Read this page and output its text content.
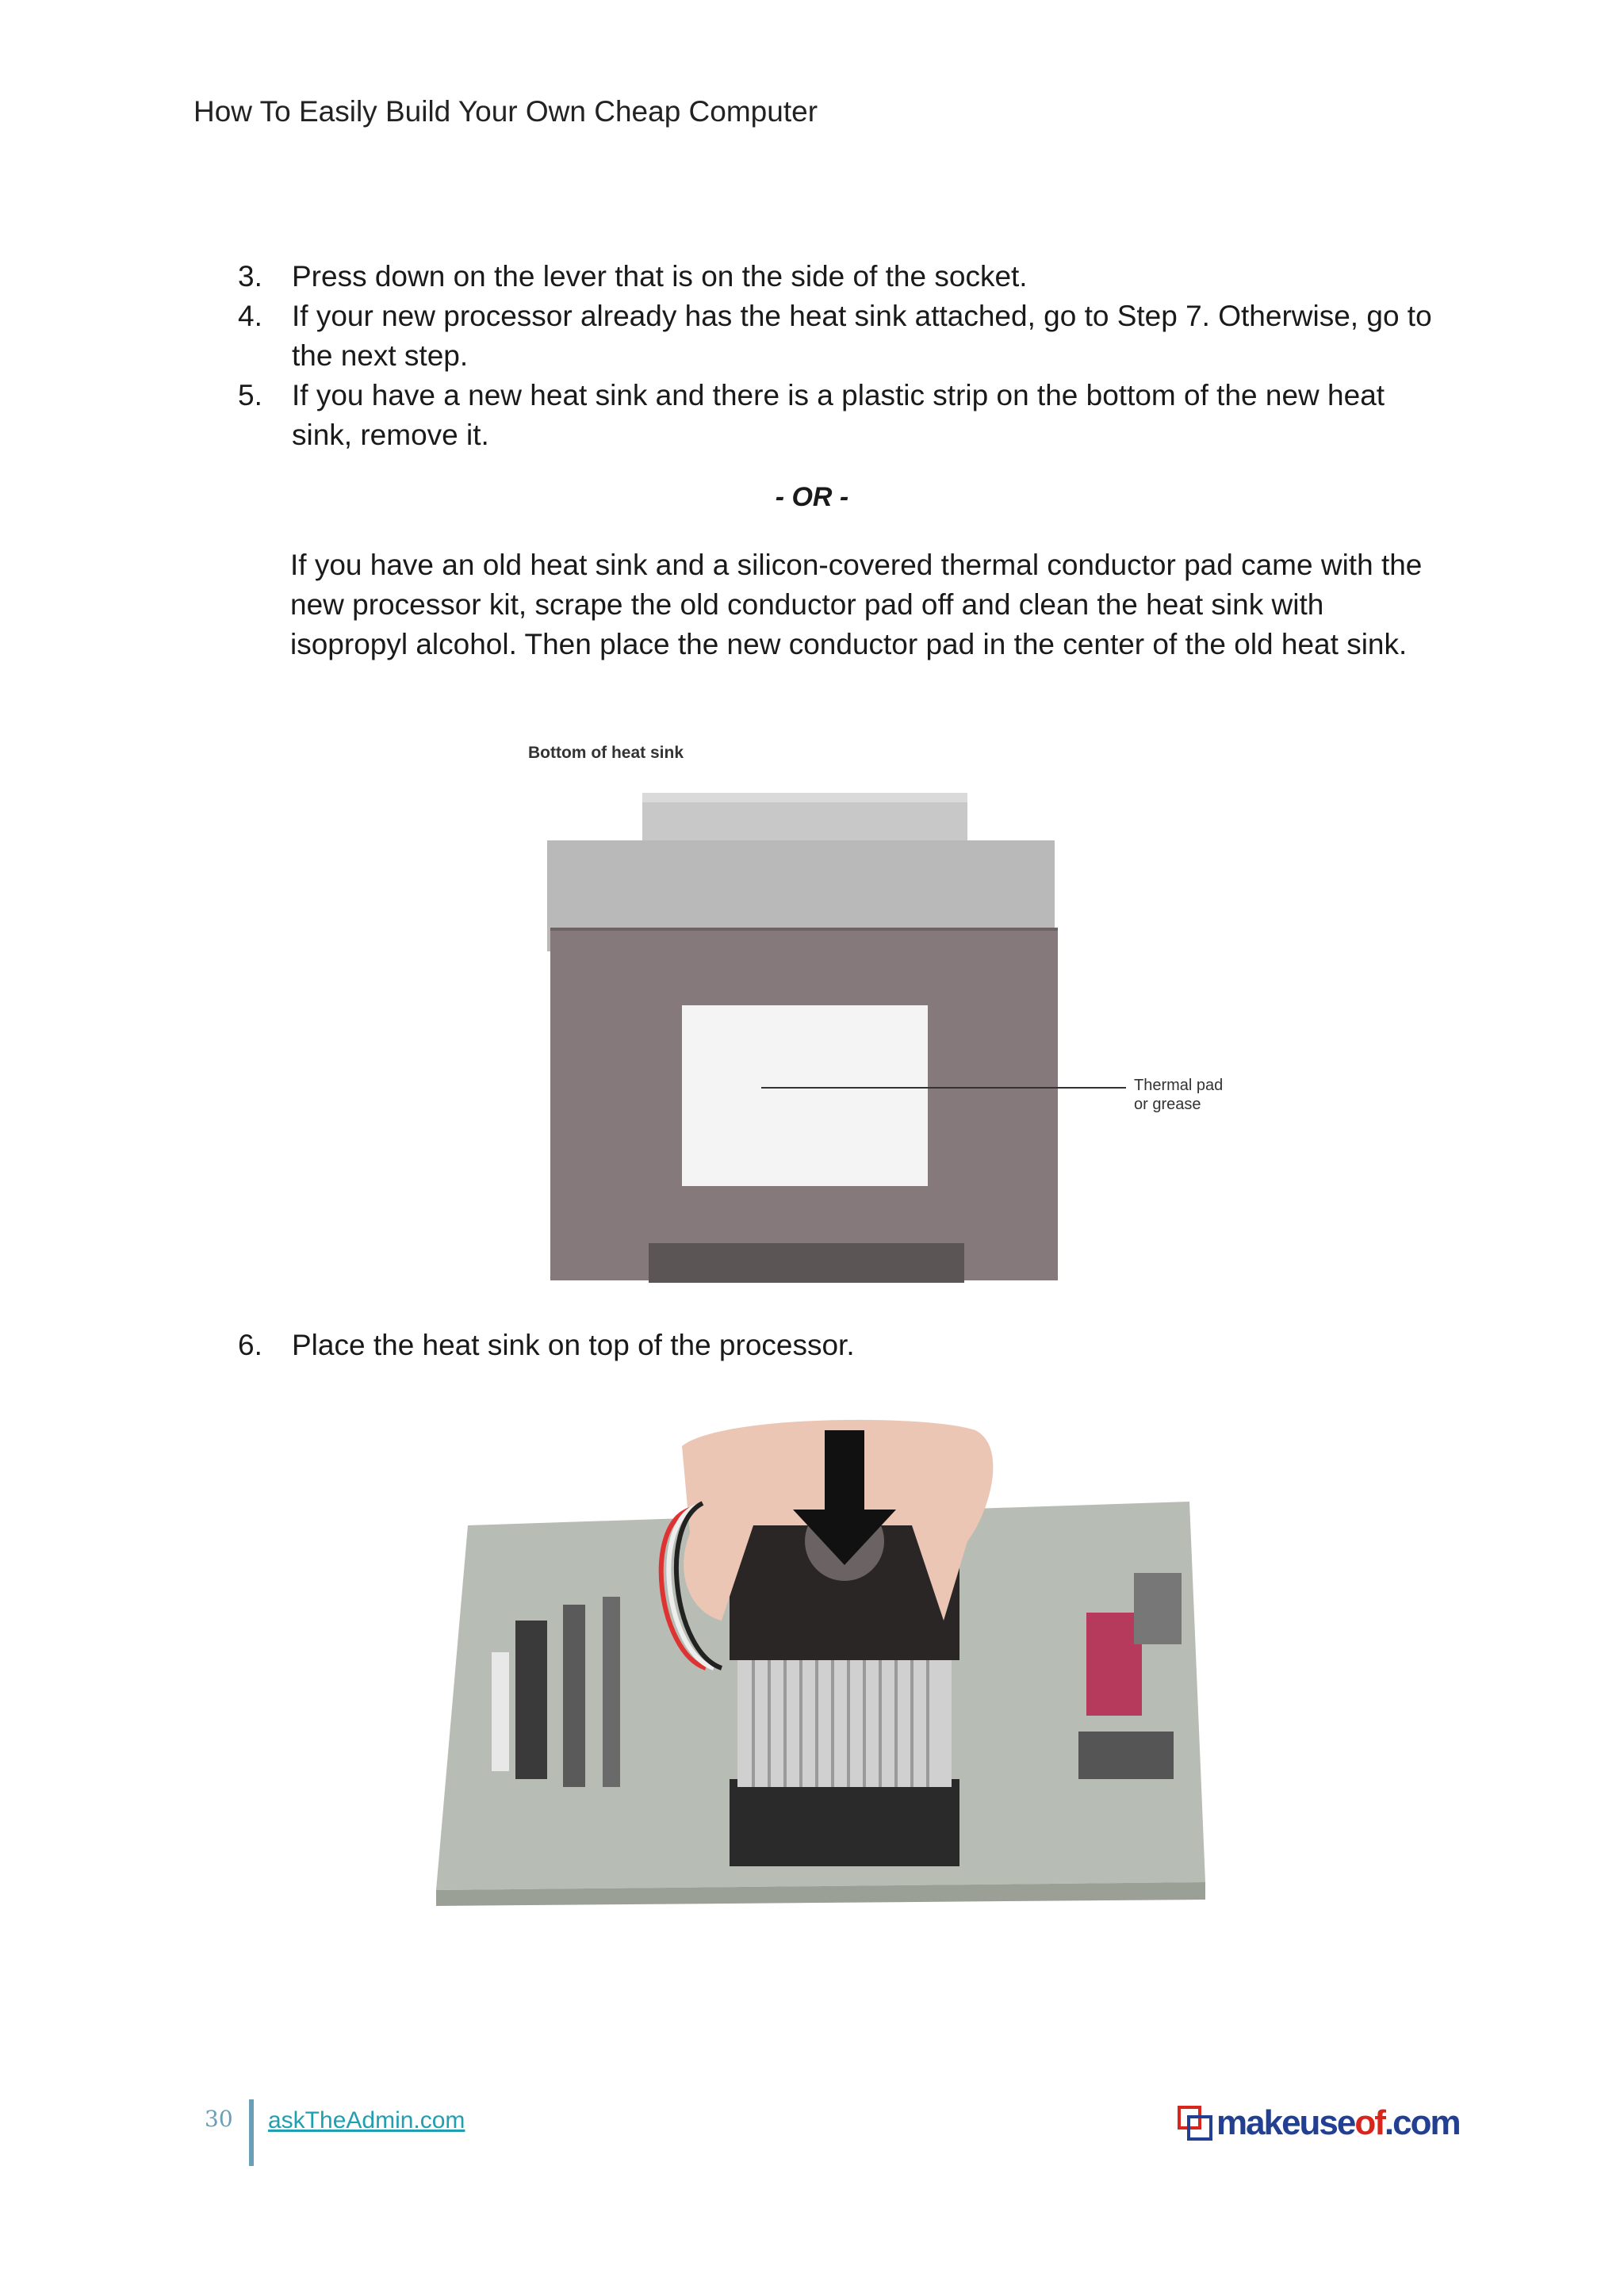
How To Easily Build Your Own Cheap Computer
3.	Press down on the lever that is on the side of the socket.
4.	If your new processor already has the heat sink attached, go to Step 7. Otherwise, go to the next step.
5.	If you have a new heat sink and there is a plastic strip on the bottom of the new heat sink, remove it.
- OR -
If you have an old heat sink and a silicon-covered thermal conductor pad came with the new processor kit, scrape the old conductor pad off and clean the heat sink with isopropyl alcohol. Then place the new conductor pad in the center of the old heat sink.
Bottom of heat sink
Thermal pad
or grease
6.	Place the heat sink on top of the processor.
30 askTheAdmin.com	makeuseof.com
